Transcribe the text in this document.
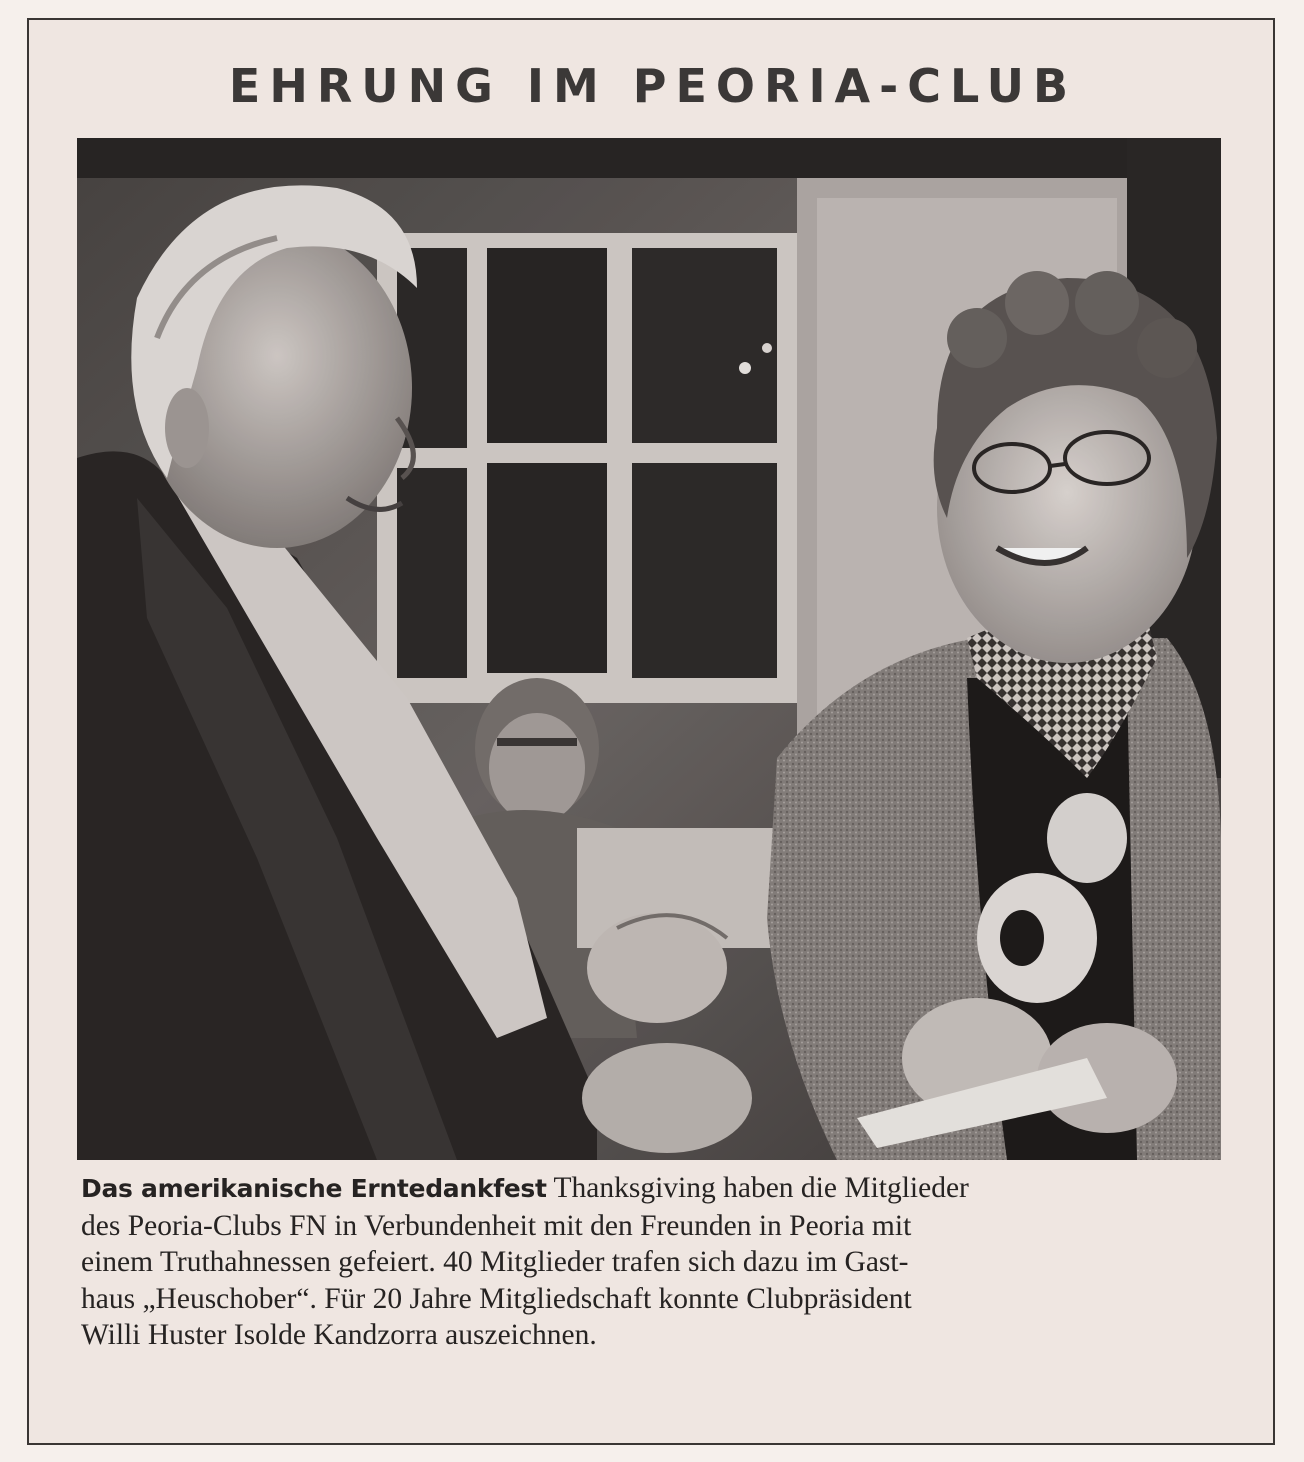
EHRUNG IM PEORIA-CLUB

Das amerikanische Erntedankfest Thanksgiving haben die Mitglieder
des Peoria-Clubs FN in Verbundenheit mit den Freunden in Peoria mit
einem Truthahnessen gefeiert. 40 Mitglieder trafen sich dazu im Gast-
haus „Heuschober“. Für 20 Jahre Mitgliedschaft konnte Clubpräsident
Willi Huster Isolde Kandzorra auszeichnen.
